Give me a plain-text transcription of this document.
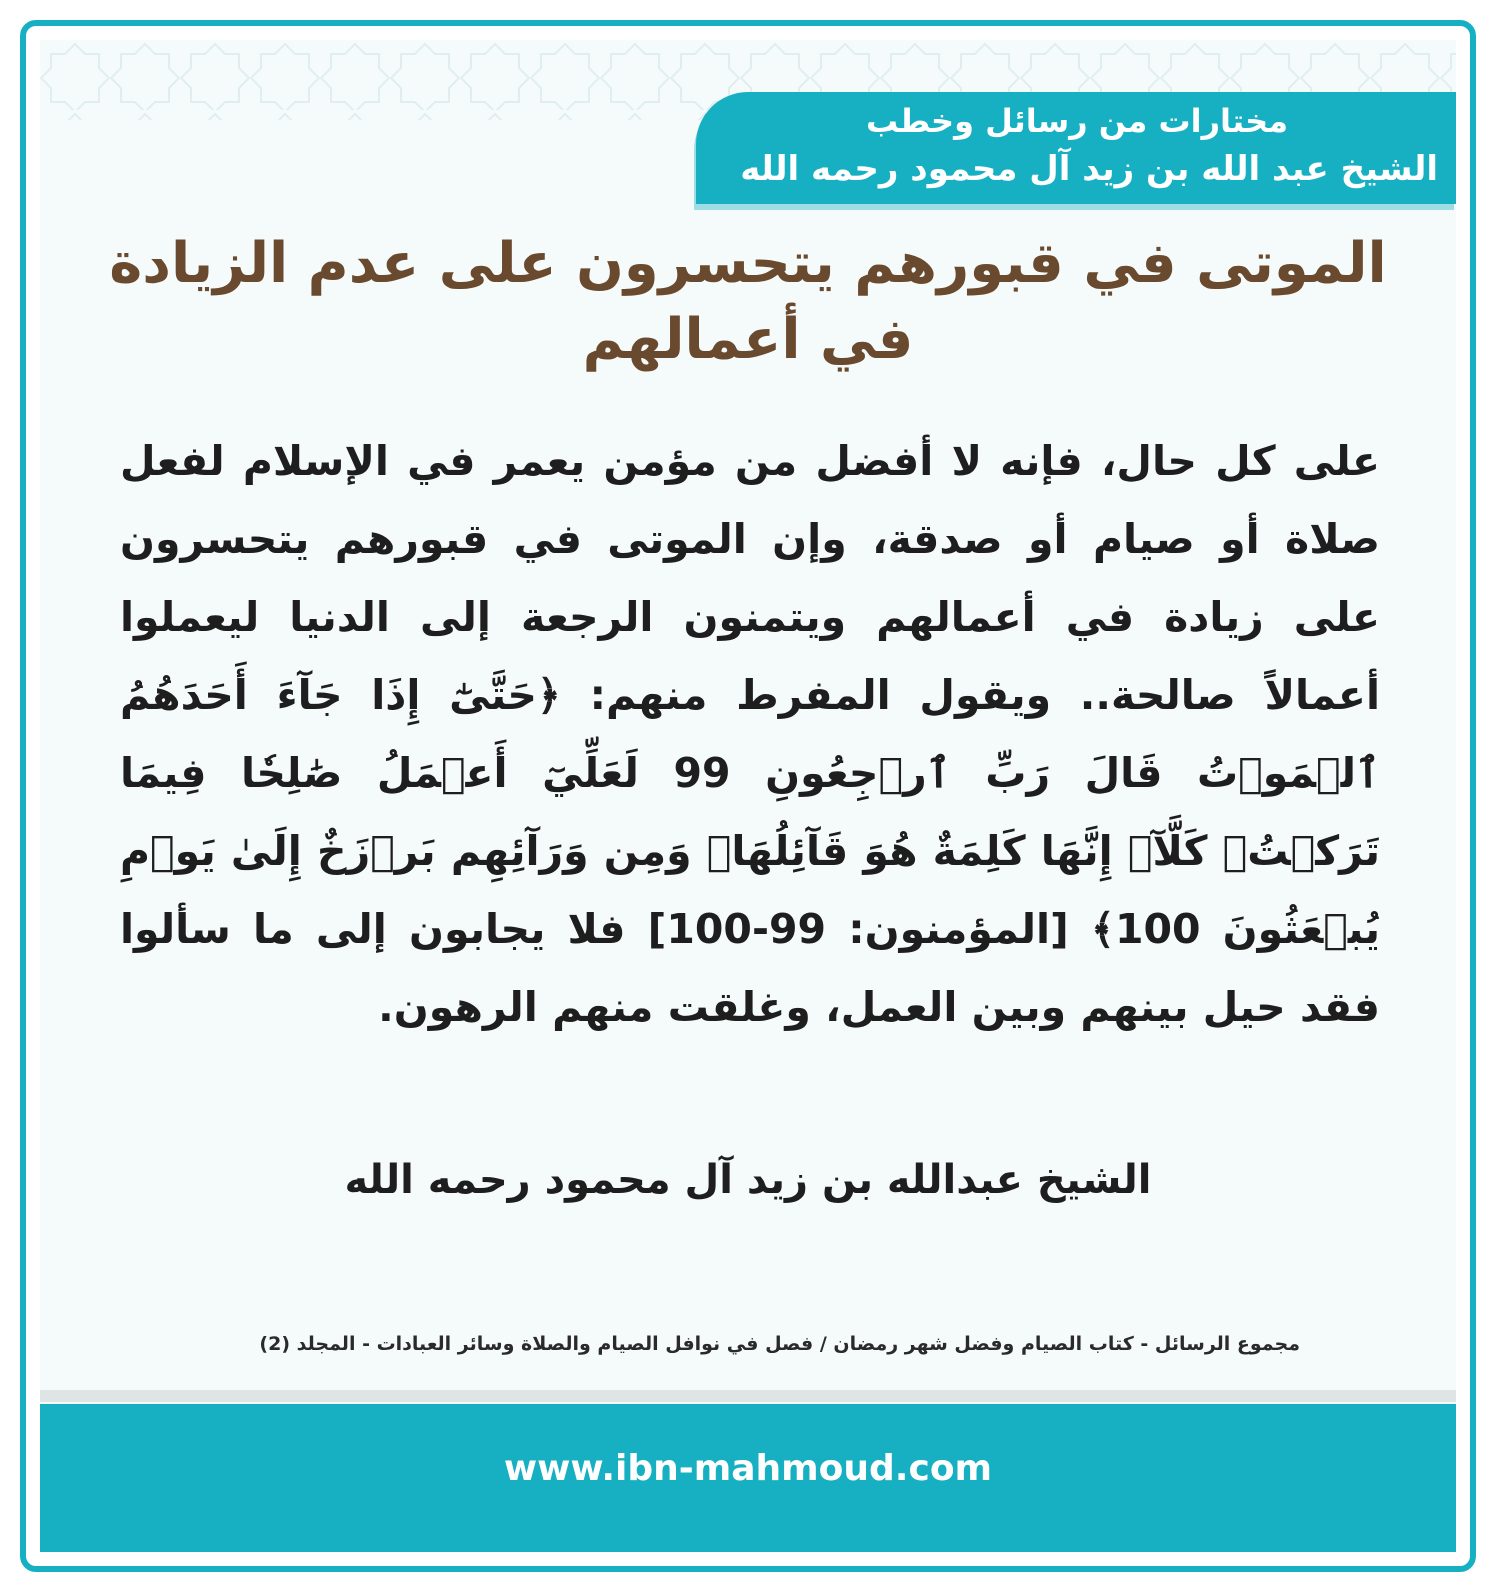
مختارات من رسائل وخطب
الشيخ عبد الله بن زيد آل محمود رحمه الله
الموتى في قبورهم يتحسرون على عدم الزيادة في أعمالهم
على كل حال، فإنه لا أفضل من مؤمن يعمر في الإسلام لفعل صلاة أو صيام أو صدقة، وإن الموتى في قبورهم يتحسرون على زيادة في أعمالهم ويتمنون الرجعة إلى الدنيا ليعملوا أعمالاً صالحة.. ويقول المفرط منهم: ﴿حَتَّىٰٓ إِذَا جَآءَ أَحَدَهُمُ ٱلۡمَوۡتُ قَالَ رَبِّ ٱرۡجِعُونِ 99 لَعَلِّيٓ أَعۡمَلُ صَٰلِحٗا فِيمَا تَرَكۡتُۚ كَلَّآۚ إِنَّهَا كَلِمَةٌ هُوَ قَآئِلُهَاۖ وَمِن وَرَآئِهِم بَرۡزَخٌ إِلَىٰ يَوۡمِ يُبۡعَثُونَ 100﴾ [المؤمنون: 99-100] فلا يجابون إلى ما سألوا فقد حيل بينهم وبين العمل، وغلقت منهم الرهون.
الشيخ عبدالله بن زيد آل محمود رحمه الله
مجموع الرسائل - كتاب الصيام وفضل شهر رمضان / فصل في نوافل الصيام والصلاة وسائر العبادات - المجلد (2)
www.ibn-mahmoud.com
